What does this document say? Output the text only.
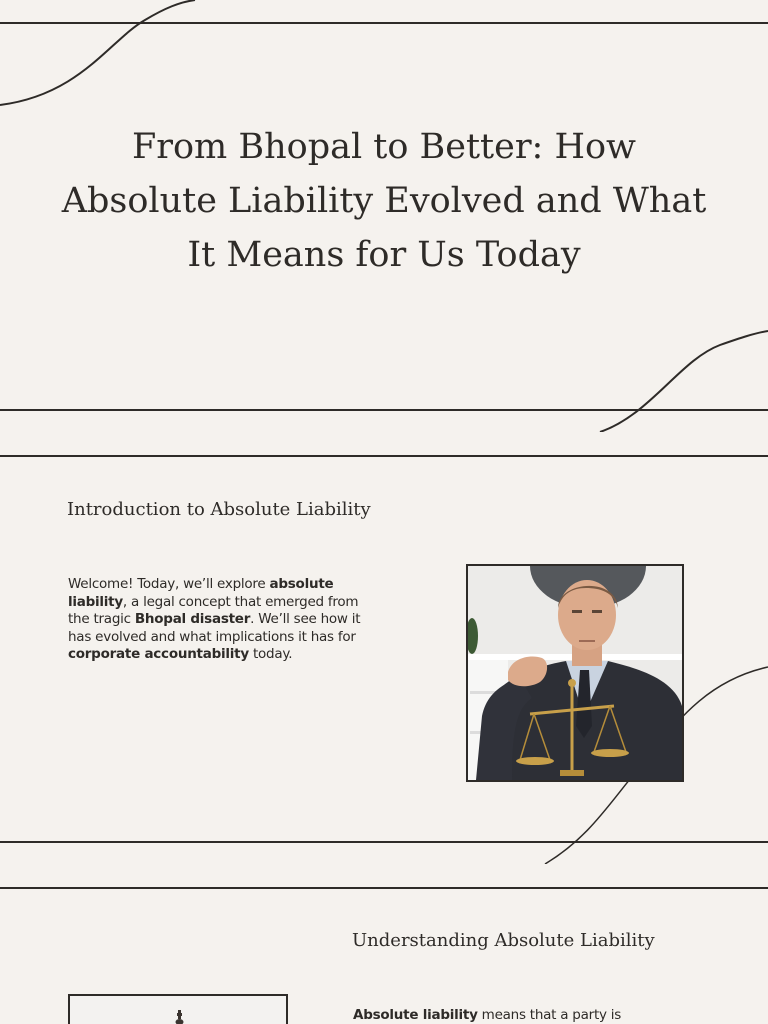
From Bhopal to Better: How Absolute Liability Evolved and What It Means for Us Today
Introduction to Absolute Liability

Welcome! Today, we’ll explore absolute liability, a legal concept that emerged from the tragic Bhopal disaster. We’ll see how it has evolved and what implications it has for corporate accountability today.

Understanding Absolute Liability

Absolute liability means that a party is
